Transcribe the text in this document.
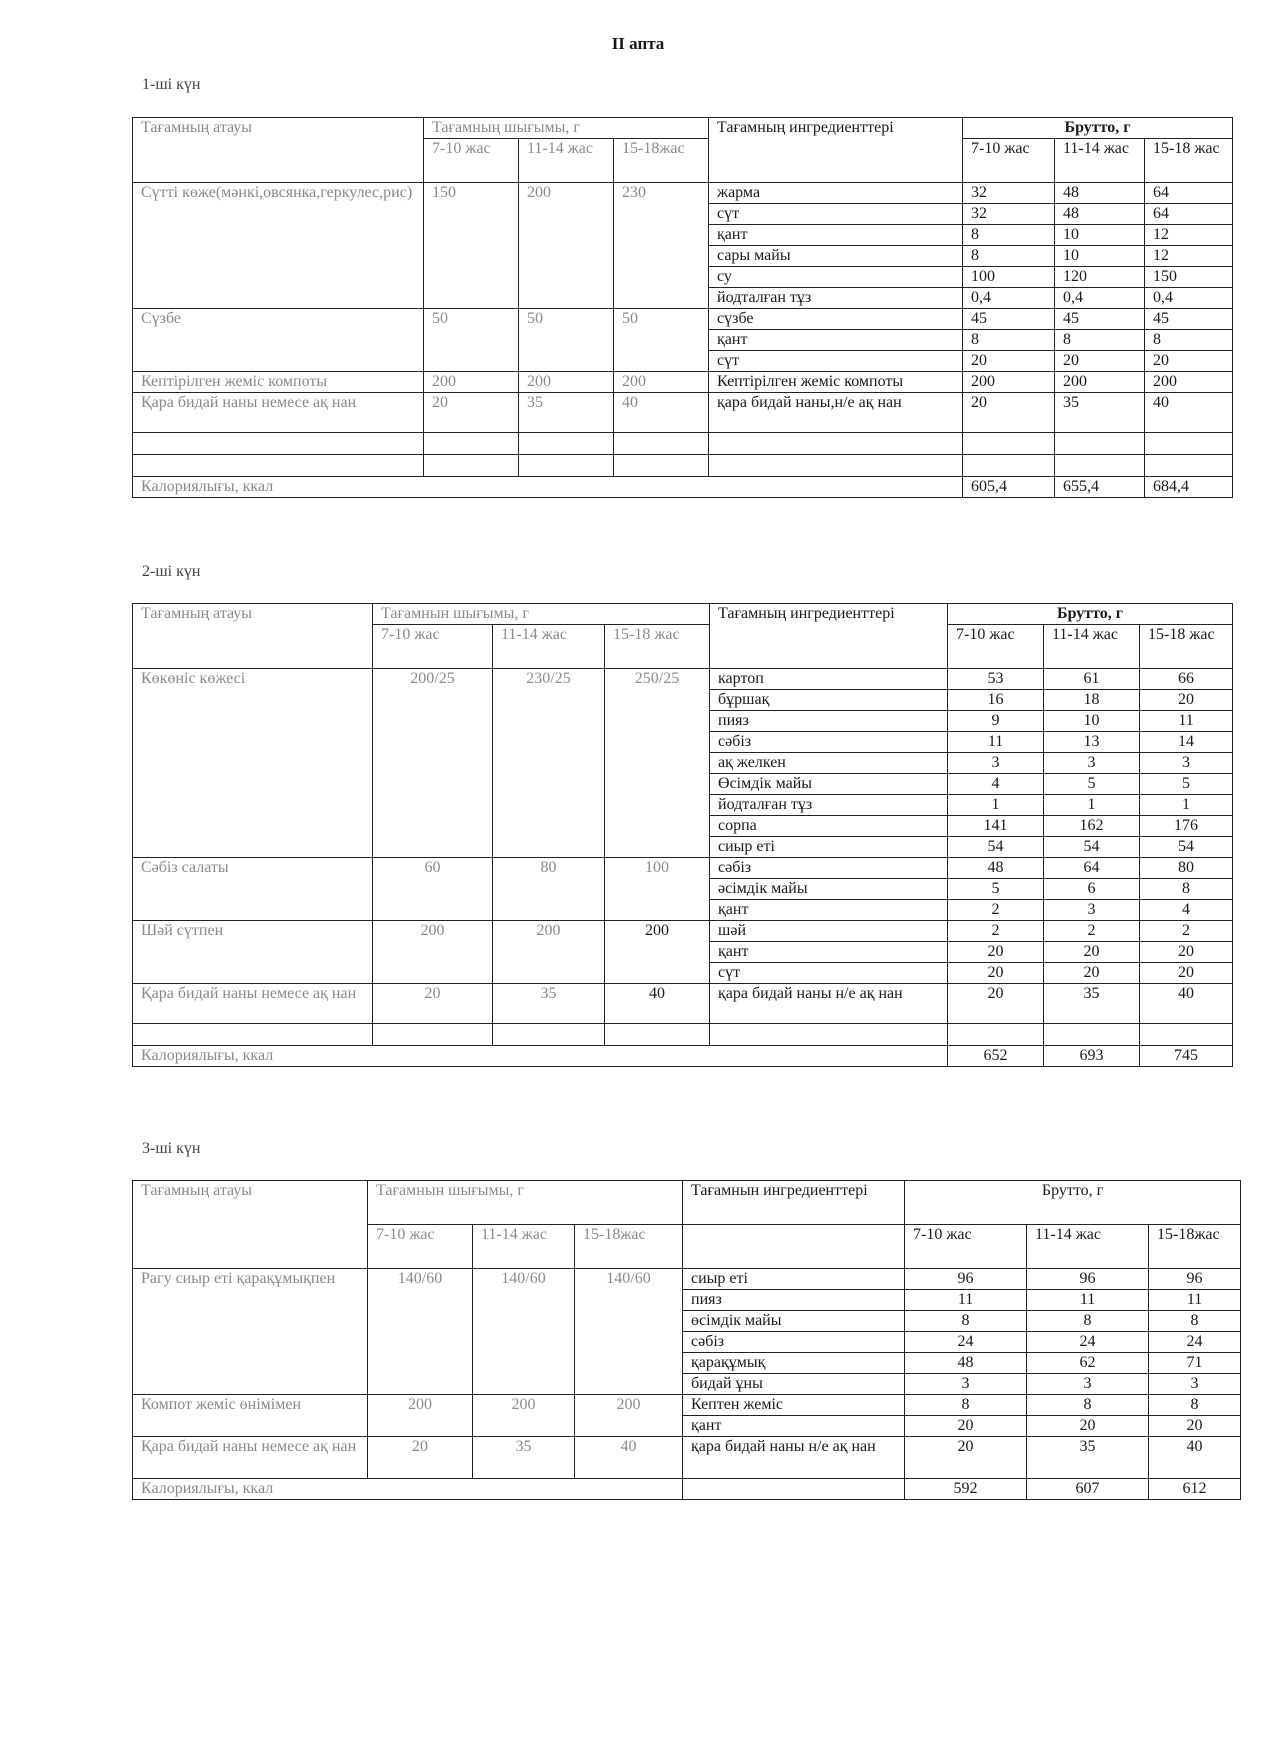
II апта
1-ші күн
Тағамның атауы	Тағамның шығымы, г			Тағамның ингредиенттері	Брутто, г		
	7-10 жас	11-14 жас	15-18жас		7-10 жас	11-14 жас	15-18 жас
Сүтті көже(мәнкі,овсянка,геркулес,рис)	150	200	230	жарма	32	48	64
				сүт	32	48	64
				қант	8	10	12
				сары майы	8	10	12
				су	100	120	150
				йодталған тұз	0,4	0,4	0,4
Сүзбе	50	50	50	сүзбе	45	45	45
				қант	8	8	8
				сүт	20	20	20
Кептірілген жеміс компоты	200	200	200	Кептірілген жеміс компоты	200	200	200
Қара бидай наны немесе ақ нан	20	35	40	қара бидай наны,н/е ақ нан	20	35	40

Калориялығы, ккал					605,4	655,4	684,4
2-ші күн
Тағамның атауы	Тағамнын шығымы, г			Тағамның ингредиенттері	Брутто, г		
	7-10 жас	11-14 жас	15-18 жас		7-10 жас	11-14 жас	15-18 жас
Көкөніс көжесі	200/25	230/25	250/25	картоп	53	61	66
				бұршақ	16	18	20
				пияз	9	10	11
				сәбіз	11	13	14
				ақ желкен	3	3	3
				Өсімдік майы	4	5	5
				йодталған тұз	1	1	1
				сорпа	141	162	176
				сиыр еті	54	54	54
Сәбіз салаты	60	80	100	сәбіз	48	64	80
				әсімдік майы	5	6	8
				қант	2	3	4
Шәй сүтпен	200	200	200	шәй	2	2	2
				қант	20	20	20
				сүт	20	20	20
Қара бидай наны немесе ақ нан	20	35	40	қара бидай наны н/е ақ нан	20	35	40

Калориялығы, ккал					652	693	745
3-ші күн
Тағамның атауы	Тағамнын шығымы, г			Тағамнын ингредиенттері	Брутто, г		
	7-10 жас	11-14 жас	15-18жас		7-10 жас	11-14 жас	15-18жас
Рагу сиыр еті қарақұмықпен	140/60	140/60	140/60	сиыр еті	96	96	96
				пияз	11	11	11
				өсімдік майы	8	8	8
				сәбіз	24	24	24
				қарақұмық	48	62	71
				бидай ұны	3	3	3
Компот жеміс өнімімен	200	200	200	Кептен жеміс	8	8	8
				қант	20	20	20
Қара бидай наны немесе ақ нан	20	35	40	қара бидай наны н/е ақ нан	20	35	40
Калориялығы, ккал					592	607	612
